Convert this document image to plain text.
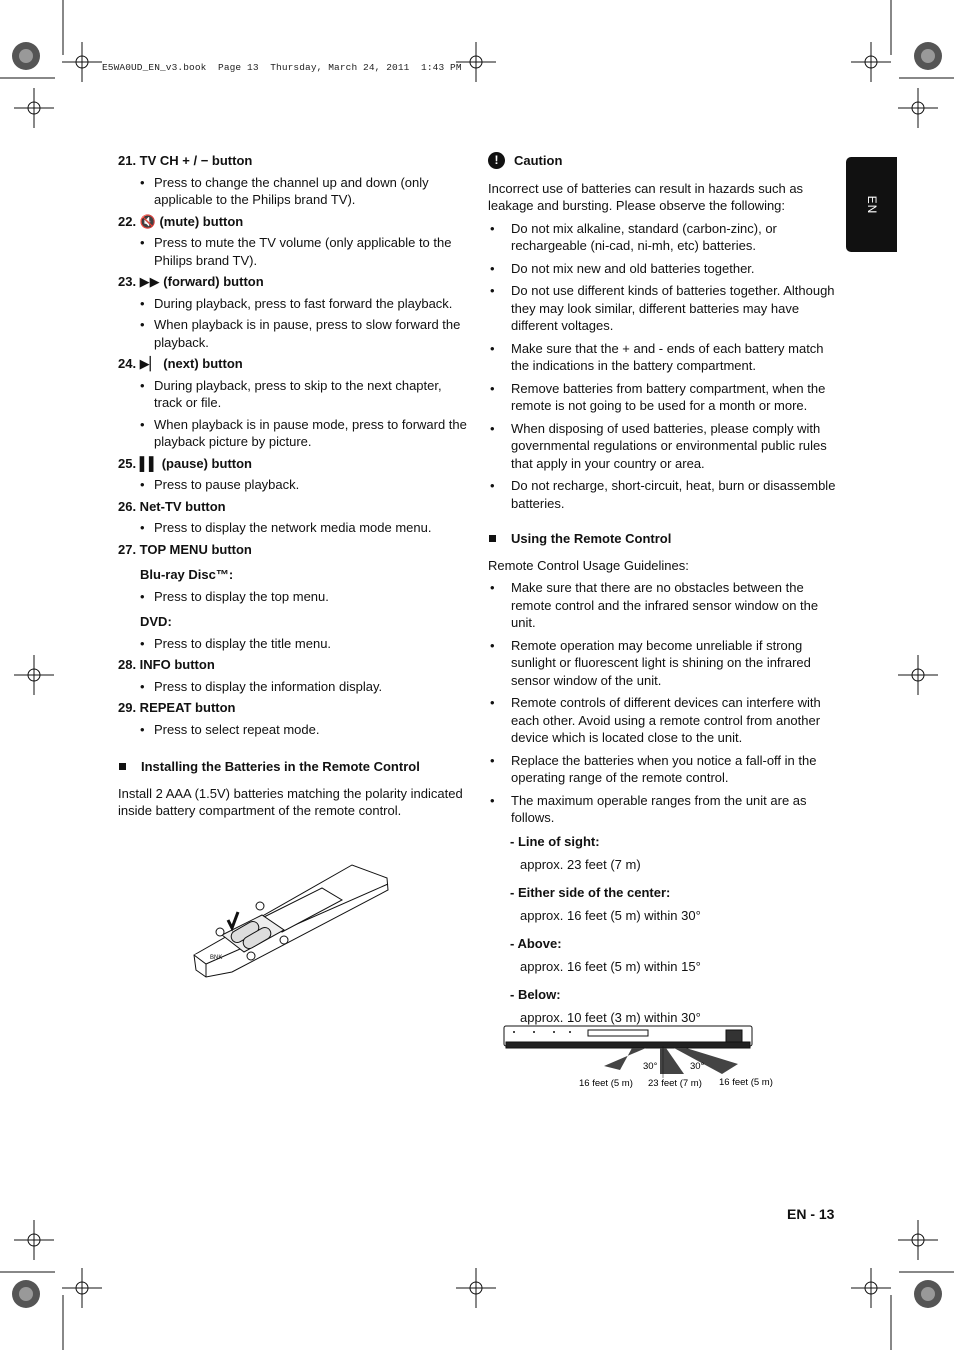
E5WA0UD_EN_v3.book  Page 13  Thursday, March 24, 2011  1:43 PM
EN
21. TV CH + / − button
• Press to change the channel up and down (only applicable to the Philips brand TV).
22. 🔇 (mute) button
• Press to mute the TV volume (only applicable to the Philips brand TV).
23. ▶▶ (forward) button
• During playback, press to fast forward the playback.
• When playback is in pause, press to slow forward the playback.
24. ▶▏ (next) button
• During playback, press to skip to the next chapter, track or file.
• When playback is in pause mode, press to forward the playback picture by picture.
25. ▌▌ (pause) button
• Press to pause playback.
26. Net-TV button
• Press to display the network media mode menu.
27. TOP MENU button
Blu-ray Disc™:
• Press to display the top menu.
DVD:
• Press to display the title menu.
28. INFO button
• Press to display the information display.
29. REPEAT button
• Press to select repeat mode.
Installing the Batteries in the Remote Control
Install 2 AAA (1.5V) batteries matching the polarity indicated inside battery compartment of the remote control.
BNK
!	Caution
Incorrect use of batteries can result in hazards such as leakage and bursting. Please observe the following:
• Do not mix alkaline, standard (carbon-zinc), or rechargeable (ni-cad, ni-mh, etc) batteries.
• Do not mix new and old batteries together.
• Do not use different kinds of batteries together. Although they may look similar, different batteries may have different voltages.
• Make sure that the + and - ends of each battery match the indications in the battery compartment.
• Remove batteries from battery compartment, when the remote is not going to be used for a month or more.
• When disposing of used batteries, please comply with governmental regulations or environmental public rules that apply in your country or area.
• Do not recharge, short-circuit, heat, burn or disassemble batteries.
Using the Remote Control
Remote Control Usage Guidelines:
• Make sure that there are no obstacles between the remote control and the infrared sensor window on the unit.
• Remote operation may become unreliable if strong sunlight or fluorescent light is shining on the infrared sensor window of the unit.
• Remote controls of different devices can interfere with each other. Avoid using a remote control from another device which is located close to the unit.
• Replace the batteries when you notice a fall-off in the operating range of the remote control.
• The maximum operable ranges from the unit are as follows.
- Line of sight:
approx. 23 feet (7 m)
- Either side of the center:
approx. 16 feet (5 m) within 30°
- Above:
approx. 16 feet (5 m) within 15°
- Below:
approx. 10 feet (3 m) within 30°
30°	30°
16 feet (5 m) 23 feet (7 m) 16 feet (5 m)
EN - 13
